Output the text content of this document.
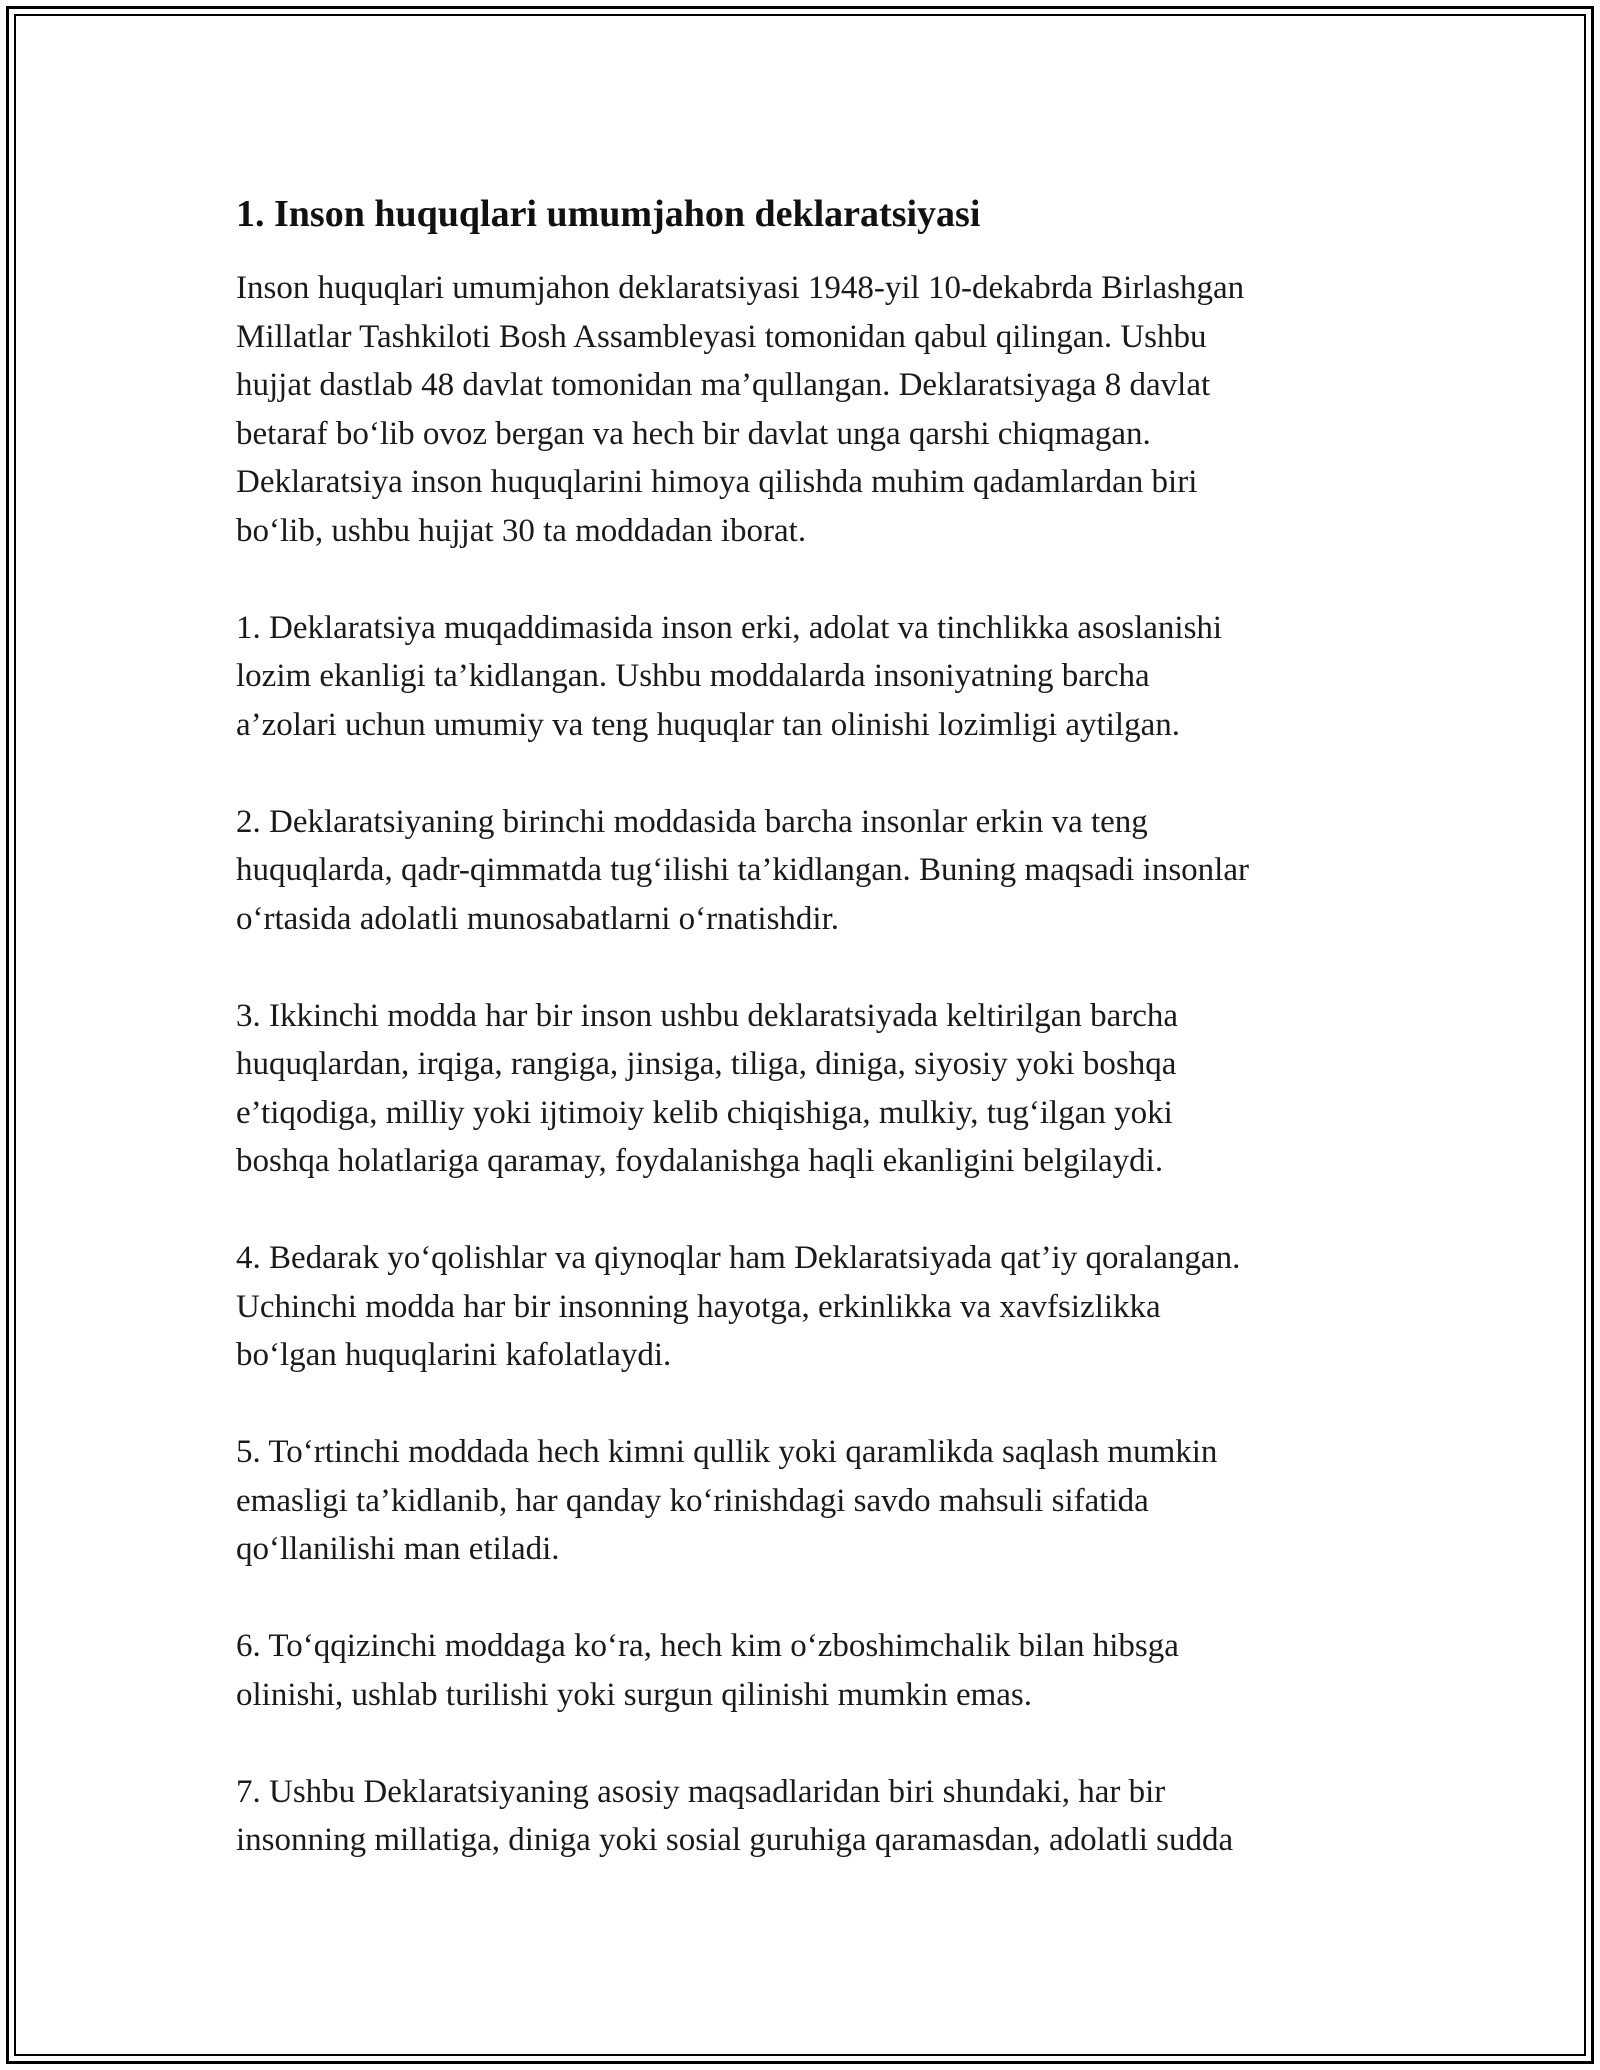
1. Inson huquqlari umumjahon deklaratsiyasi

Inson huquqlari umumjahon deklaratsiyasi 1948-yil 10-dekabrda Birlashgan
Millatlar Tashkiloti Bosh Assambleyasi tomonidan qabul qilingan. Ushbu
hujjat dastlab 48 davlat tomonidan ma’qullangan. Deklaratsiyaga 8 davlat
betaraf bo‘lib ovoz bergan va hech bir davlat unga qarshi chiqmagan.
Deklaratsiya inson huquqlarini himoya qilishda muhim qadamlardan biri
bo‘lib, ushbu hujjat 30 ta moddadan iborat.

1. Deklaratsiya muqaddimasida inson erki, adolat va tinchlikka asoslanishi
lozim ekanligi ta’kidlangan. Ushbu moddalarda insoniyatning barcha
a’zolari uchun umumiy va teng huquqlar tan olinishi lozimligi aytilgan.

2. Deklaratsiyaning birinchi moddasida barcha insonlar erkin va teng
huquqlarda, qadr-qimmatda tug‘ilishi ta’kidlangan. Buning maqsadi insonlar
o‘rtasida adolatli munosabatlarni o‘rnatishdir.

3. Ikkinchi modda har bir inson ushbu deklaratsiyada keltirilgan barcha
huquqlardan, irqiga, rangiga, jinsiga, tiliga, diniga, siyosiy yoki boshqa
e’tiqodiga, milliy yoki ijtimoiy kelib chiqishiga, mulkiy, tug‘ilgan yoki
boshqa holatlariga qaramay, foydalanishga haqli ekanligini belgilaydi.

4. Bedarak yo‘qolishlar va qiynoqlar ham Deklaratsiyada qat’iy qoralangan.
Uchinchi modda har bir insonning hayotga, erkinlikka va xavfsizlikka
bo‘lgan huquqlarini kafolatlaydi.

5. To‘rtinchi moddada hech kimni qullik yoki qaramlikda saqlash mumkin
emasligi ta’kidlanib, har qanday ko‘rinishdagi savdo mahsuli sifatida
qo‘llanilishi man etiladi.

6. To‘qqizinchi moddaga ko‘ra, hech kim o‘zboshimchalik bilan hibsga
olinishi, ushlab turilishi yoki surgun qilinishi mumkin emas.

7. Ushbu Deklaratsiyaning asosiy maqsadlaridan biri shundaki, har bir
insonning millatiga, diniga yoki sosial guruhiga qaramasdan, adolatli sudda
